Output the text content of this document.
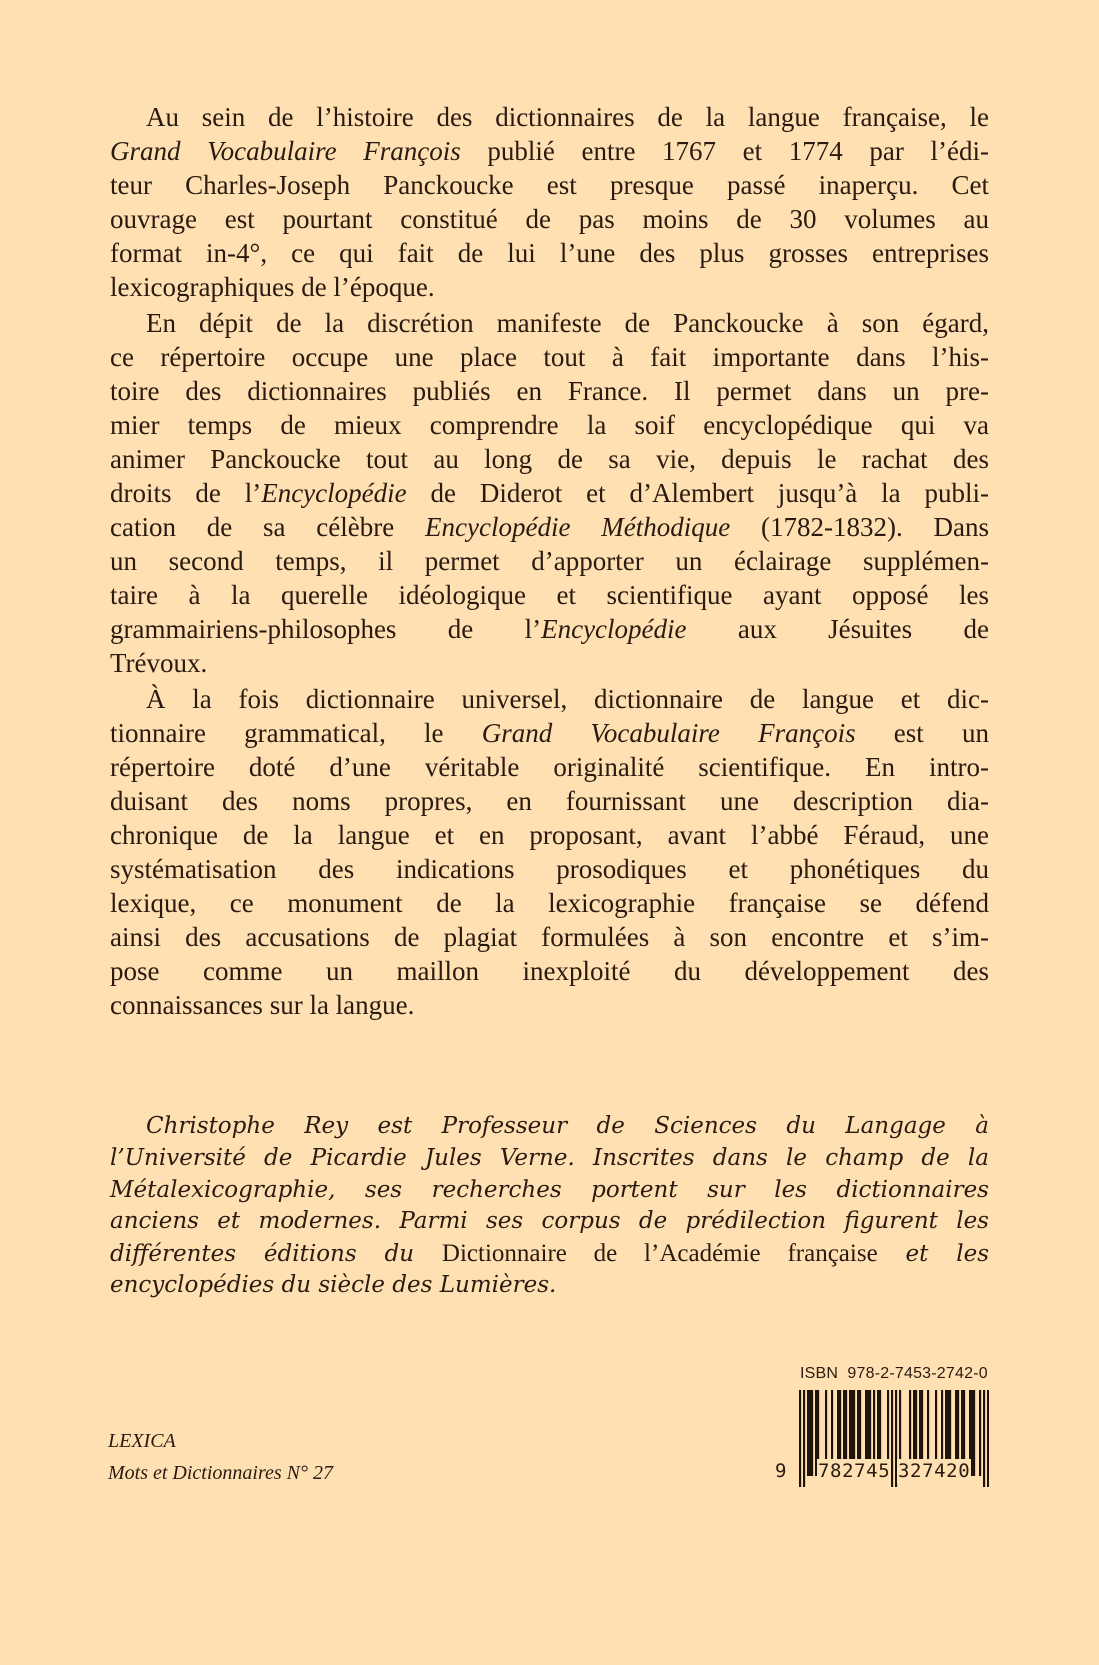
Au sein de l’histoire des dictionnaires de la langue française, le
Grand Vocabulaire François publié entre 1767 et 1774 par l’édi-
teur Charles-Joseph Panckoucke est presque passé inaperçu. Cet
ouvrage est pourtant constitué de pas moins de 30 volumes au
format in-4°, ce qui fait de lui l’une des plus grosses entreprises
lexicographiques de l’époque.
En dépit de la discrétion manifeste de Panckoucke à son égard,
ce répertoire occupe une place tout à fait importante dans l’his-
toire des dictionnaires publiés en France. Il permet dans un pre-
mier temps de mieux comprendre la soif encyclopédique qui va
animer Panckoucke tout au long de sa vie, depuis le rachat des
droits de l’Encyclopédie de Diderot et d’Alembert jusqu’à la publi-
cation de sa célèbre Encyclopédie Méthodique (1782-1832). Dans
un second temps, il permet d’apporter un éclairage supplémen-
taire à la querelle idéologique et scientifique ayant opposé les
grammairiens-philosophes de l’Encyclopédie aux Jésuites de
Trévoux.
À la fois dictionnaire universel, dictionnaire de langue et dic-
tionnaire grammatical, le Grand Vocabulaire François est un
répertoire doté d’une véritable originalité scientifique. En intro-
duisant des noms propres, en fournissant une description dia-
chronique de la langue et en proposant, avant l’abbé Féraud, une
systématisation des indications prosodiques et phonétiques du
lexique, ce monument de la lexicographie française se défend
ainsi des accusations de plagiat formulées à son encontre et s’im-
pose comme un maillon inexploité du développement des
connaissances sur la langue.
Christophe Rey est Professeur de Sciences du Langage à
l’Université de Picardie Jules Verne. Inscrites dans le champ de la
Métalexicographie, ses recherches portent sur les dictionnaires
anciens et modernes. Parmi ses corpus de prédilection figurent les
différentes éditions du Dictionnaire de l’Académie française et les
encyclopédies du siècle des Lumières.
LEXICA
Mots et Dictionnaires N° 27
ISBN  978-2-7453-2742-0
9 782745 327420
